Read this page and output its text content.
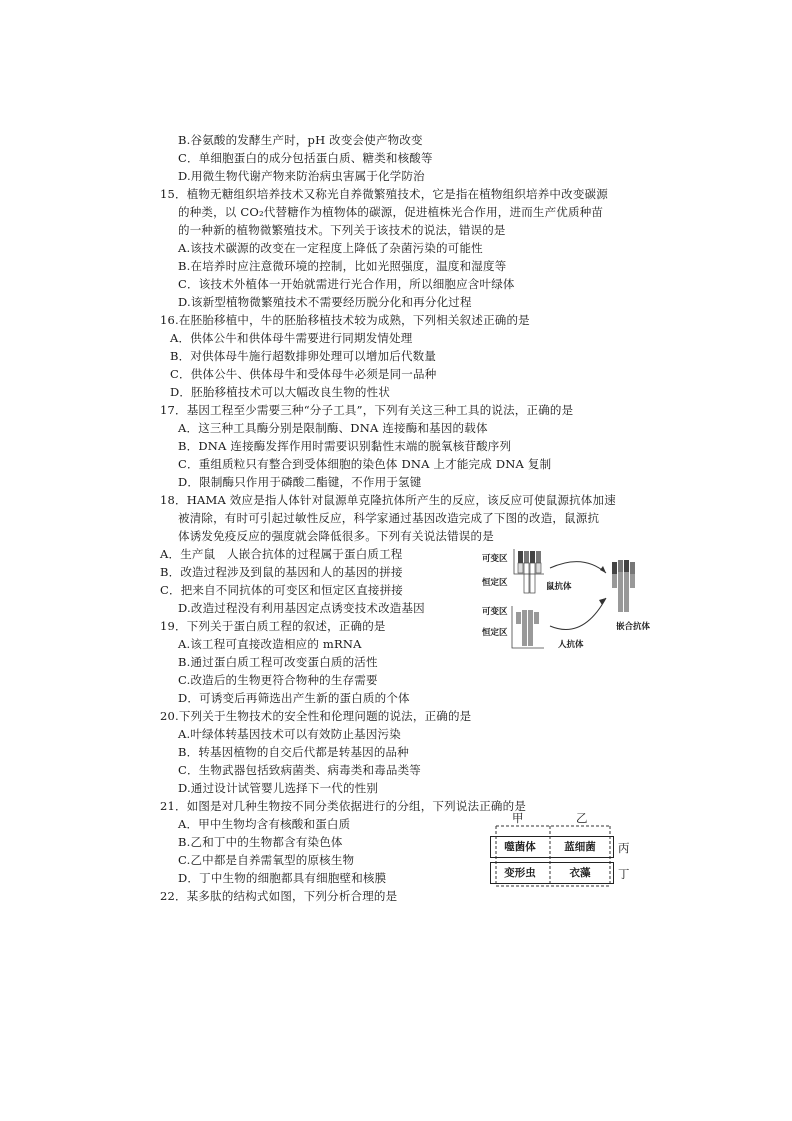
B.谷氨酸的发酵生产时，pH 改变会使产物改变
C．单细胞蛋白的成分包括蛋白质、糖类和核酸等
D.用微生物代谢产物来防治病虫害属于化学防治
15．植物无糖组织培养技术又称光自养微繁殖技术，它是指在植物组织培养中改变碳源
的种类，以 CO₂代替糖作为植物体的碳源，促进植株光合作用，进而生产优质种苗
的一种新的植物微繁殖技术。下列关于该技术的说法，错误的是
A.该技术碳源的改变在一定程度上降低了杂菌污染的可能性
B.在培养时应注意微环境的控制，比如光照强度，温度和湿度等
C．该技术外植体一开始就需进行光合作用，所以细胞应含叶绿体
D.该新型植物微繁殖技术不需要经历脱分化和再分化过程
16.在胚胎移植中，牛的胚胎移植技术较为成熟，下列相关叙述正确的是
A．供体公牛和供体母牛需要进行同期发情处理
B．对供体母牛施行超数排卵处理可以增加后代数量
C．供体公牛、供体母牛和受体母牛必须是同一品种
D．胚胎移植技术可以大幅改良生物的性状
17．基因工程至少需要三种“分子工具”，下列有关这三种工具的说法，正确的是
A．这三种工具酶分别是限制酶、DNA 连接酶和基因的载体
B．DNA 连接酶发挥作用时需要识别黏性末端的脱氧核苷酸序列
C．重组质粒只有整合到受体细胞的染色体 DNA 上才能完成 DNA 复制
D．限制酶只作用于磷酸二酯键，不作用于氢键
18．HAMA 效应是指人体针对鼠源单克隆抗体所产生的反应，该反应可使鼠源抗体加速
被清除，有时可引起过敏性反应，科学家通过基因改造完成了下图的改造，鼠源抗
体诱发免疫反应的强度就会降低很多。下列有关说法错误的是
A．生产鼠　人嵌合抗体的过程属于蛋白质工程
B．改造过程涉及到鼠的基因和人的基因的拼接
C．把来自不同抗体的可变区和恒定区直接拼接
D.改造过程没有利用基因定点诱变技术改造基因
19．下列关于蛋白质工程的叙述，正确的是
A.该工程可直接改造相应的 mRNA
B.通过蛋白质工程可改变蛋白质的活性
C.改造后的生物更符合物种的生存需要
D．可诱变后再筛选出产生新的蛋白质的个体
20.下列关于生物技术的安全性和伦理问题的说法，正确的是
A.叶绿体转基因技术可以有效防止基因污染
B．转基因植物的自交后代都是转基因的品种
C．生物武器包括致病菌类、病毒类和毒品类等
D.通过设计试管婴儿选择下一代的性别
21．如图是对几种生物按不同分类依据进行的分组，下列说法正确的是
A．甲中生物均含有核酸和蛋白质
B.乙和丁中的生物都含有染色体
C.乙中都是自养需氧型的原核生物
D．丁中生物的细胞都具有细胞壁和核膜
22．某多肽的结构式如图，下列分析合理的是
可变区
恒定区	鼠抗体
可变区
恒定区
人抗体
嵌合抗体
甲	乙
噬菌体	蓝细菌
变形虫	衣藻
丙
丁
